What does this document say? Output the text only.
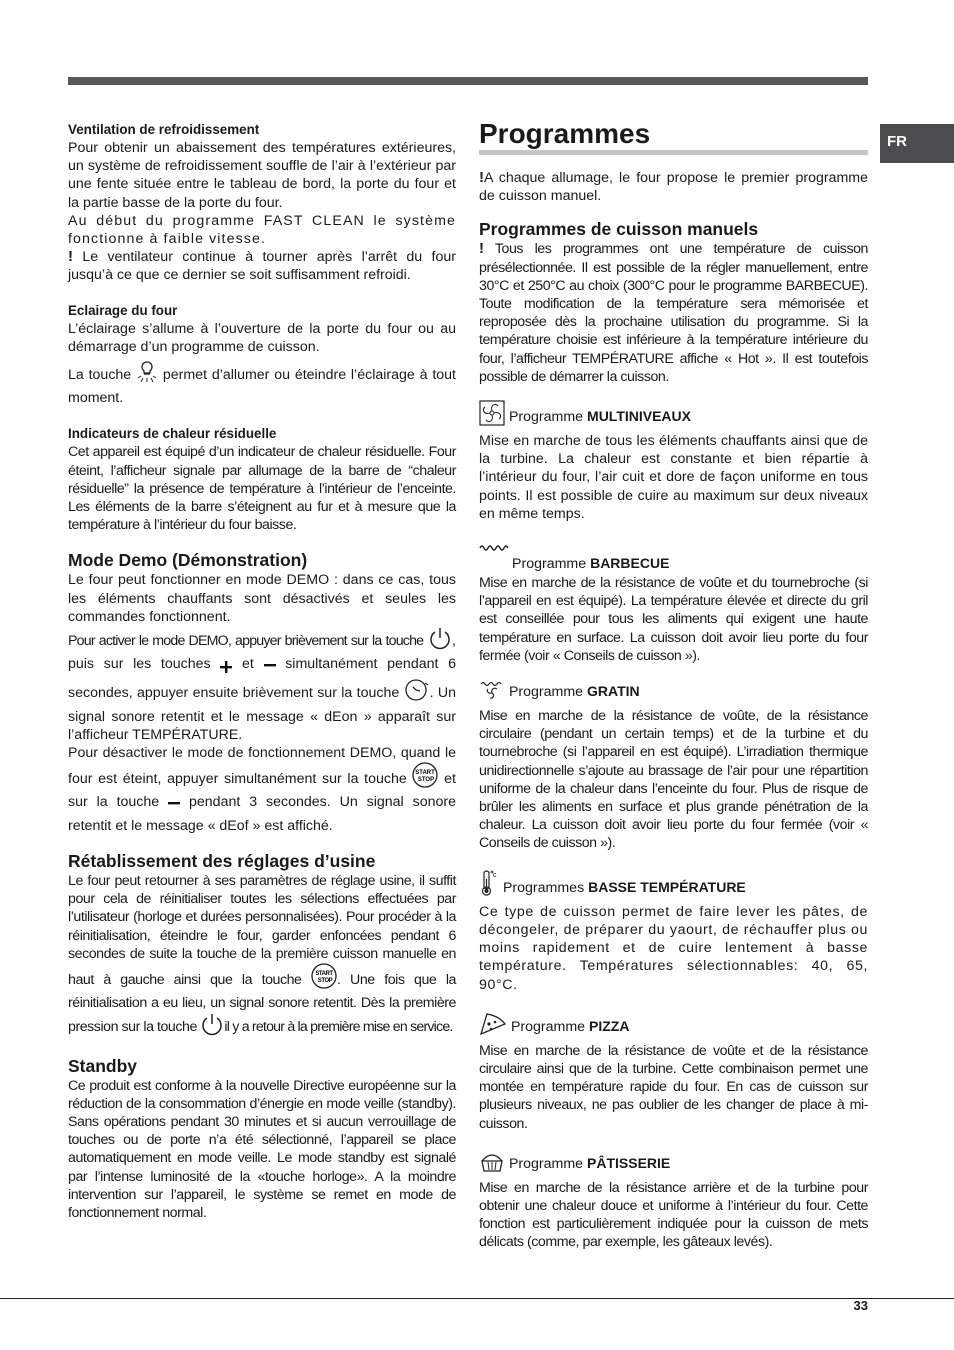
FR
Ventilation de refroidissement

Pour obtenir un abaissement des températures extérieures, un système de refroidissement souffle de l’air à l’extérieur par une fente située entre le tableau de bord, la porte du four et la partie basse de la porte du four.

Au début du programme FAST CLEAN le système fonctionne à faible vitesse.

! Le ventilateur continue à tourner après l’arrêt du four jusqu’à ce que ce dernier se soit suffisamment refroidi.

Eclairage du four

L’éclairage s’allume à l’ouverture de la porte du four ou au démarrage d’un programme de cuisson.

La touche permet d’allumer ou éteindre l’éclairage à tout moment.

Indicateurs de chaleur résiduelle

Cet appareil est équipé d’un indicateur de chaleur résiduelle. Four éteint, l’afficheur signale par allumage de la barre de “chaleur résiduelle” la présence de température à l’intérieur de l’enceinte. Les éléments de la barre s’éteignent au fur et à mesure que la température à l’intérieur du four baisse.

Mode Demo (Démonstration)

Le four peut fonctionner en mode DEMO : dans ce cas, tous les éléments chauffants sont désactivés et seules les commandes fonctionnent.

Pour activer le mode DEMO, appuyer brièvement sur la touche , puis sur les touches et simultanément pendant 6 secondes, appuyer ensuite brièvement sur la touche . Un signal sonore retentit et le message « dEon » apparaît sur l’afficheur TEMPÉRATURE.

Pour désactiver le mode de fonctionnement DEMO, quand le four est éteint, appuyer simultanément sur la touche START
STOP et sur la touche pendant 3 secondes. Un signal sonore retentit et le message « dEof » est affiché.

Rétablissement des réglages d’usine

Le four peut retourner à ses paramètres de réglage usine, il suffit pour cela de réinitialiser toutes les sélections effectuées par l’utilisateur (horloge et durées personnalisées). Pour procéder à la réinitialisation, éteindre le four, garder enfoncées pendant 6 secondes de suite la touche de la première cuisson manuelle en haut à gauche ainsi que la touche START
STOP . Une fois que la réinitialisation a eu lieu, un signal sonore retentit. Dès la première pression sur la touche il y a retour à la première mise en service.

Standby

Ce produit est conforme à la nouvelle Directive européenne sur la réduction de la consommation d’énergie en mode veille (standby). Sans opérations pendant 30 minutes et si aucun verrouillage de touches ou de porte n’a été sélectionné, l’appareil se place automatiquement en mode veille. Le mode standby est signalé par l’intense luminosité de la «touche horloge». A la moindre intervention sur l’appareil, le système se remet en mode de fonctionnement normal.

Programmes

!A chaque allumage, le four propose le premier programme de cuisson manuel.

Programmes de cuisson manuels

! Tous les programmes ont une température de cuisson présélectionnée. Il est possible de la régler manuellement, entre 30°C et 250°C au choix (300°C pour le programme BARBECUE). Toute modification de la température sera mémorisée et reproposée dès la prochaine utilisation du programme. Si la température choisie est inférieure à la température intérieure du four, l’afficheur TEMPÉRATURE affiche « Hot ». Il est toutefois possible de démarrer la cuisson.

Programme MULTINIVEAUX

Mise en marche de tous les éléments chauffants ainsi que de la turbine. La chaleur est constante et bien répartie à l’intérieur du four, l’air cuit et dore de façon uniforme en tous points. Il est possible de cuire au maximum sur deux niveaux en même temps.

Programme BARBECUE

Mise en marche de la résistance de voûte et du tournebroche (si l’appareil en est équipé). La température élevée et directe du gril est conseillée pour tous les aliments qui exigent une haute température en surface. La cuisson doit avoir lieu porte du four fermée (voir « Conseils de cuisson »).

Programme GRATIN

Mise en marche de la résistance de voûte, de la résistance circulaire (pendant un certain temps) et de la turbine et du tournebroche (si l’appareil en est équipé). L’irradiation thermique unidirectionnelle s’ajoute au brassage de l’air pour une répartition uniforme de la chaleur dans l’enceinte du four. Plus de risque de brûler les aliments en surface et plus grande pénétration de la chaleur. La cuisson doit avoir lieu porte du four fermée (voir « Conseils de cuisson »).

c
Programmes BASSE TEMPÉRATURE

Ce type de cuisson permet de faire lever les pâtes, de décongeler, de préparer du yaourt, de réchauffer plus ou moins rapidement et de cuire lentement à basse température. Températures sélectionnables: 40, 65, 90°C.

Programme PIZZA

Mise en marche de la résistance de voûte et de la résistance circulaire ainsi que de la turbine. Cette combinaison permet une montée en température rapide du four. En cas de cuisson sur plusieurs niveaux, ne pas oublier de les changer de place à mi-cuisson.

Programme PÂTISSERIE

Mise en marche de la résistance arrière et de la turbine pour obtenir une chaleur douce et uniforme à l’intérieur du four. Cette fonction est particulièrement indiquée pour la cuisson de mets délicats (comme, par exemple, les gâteaux levés).

33
